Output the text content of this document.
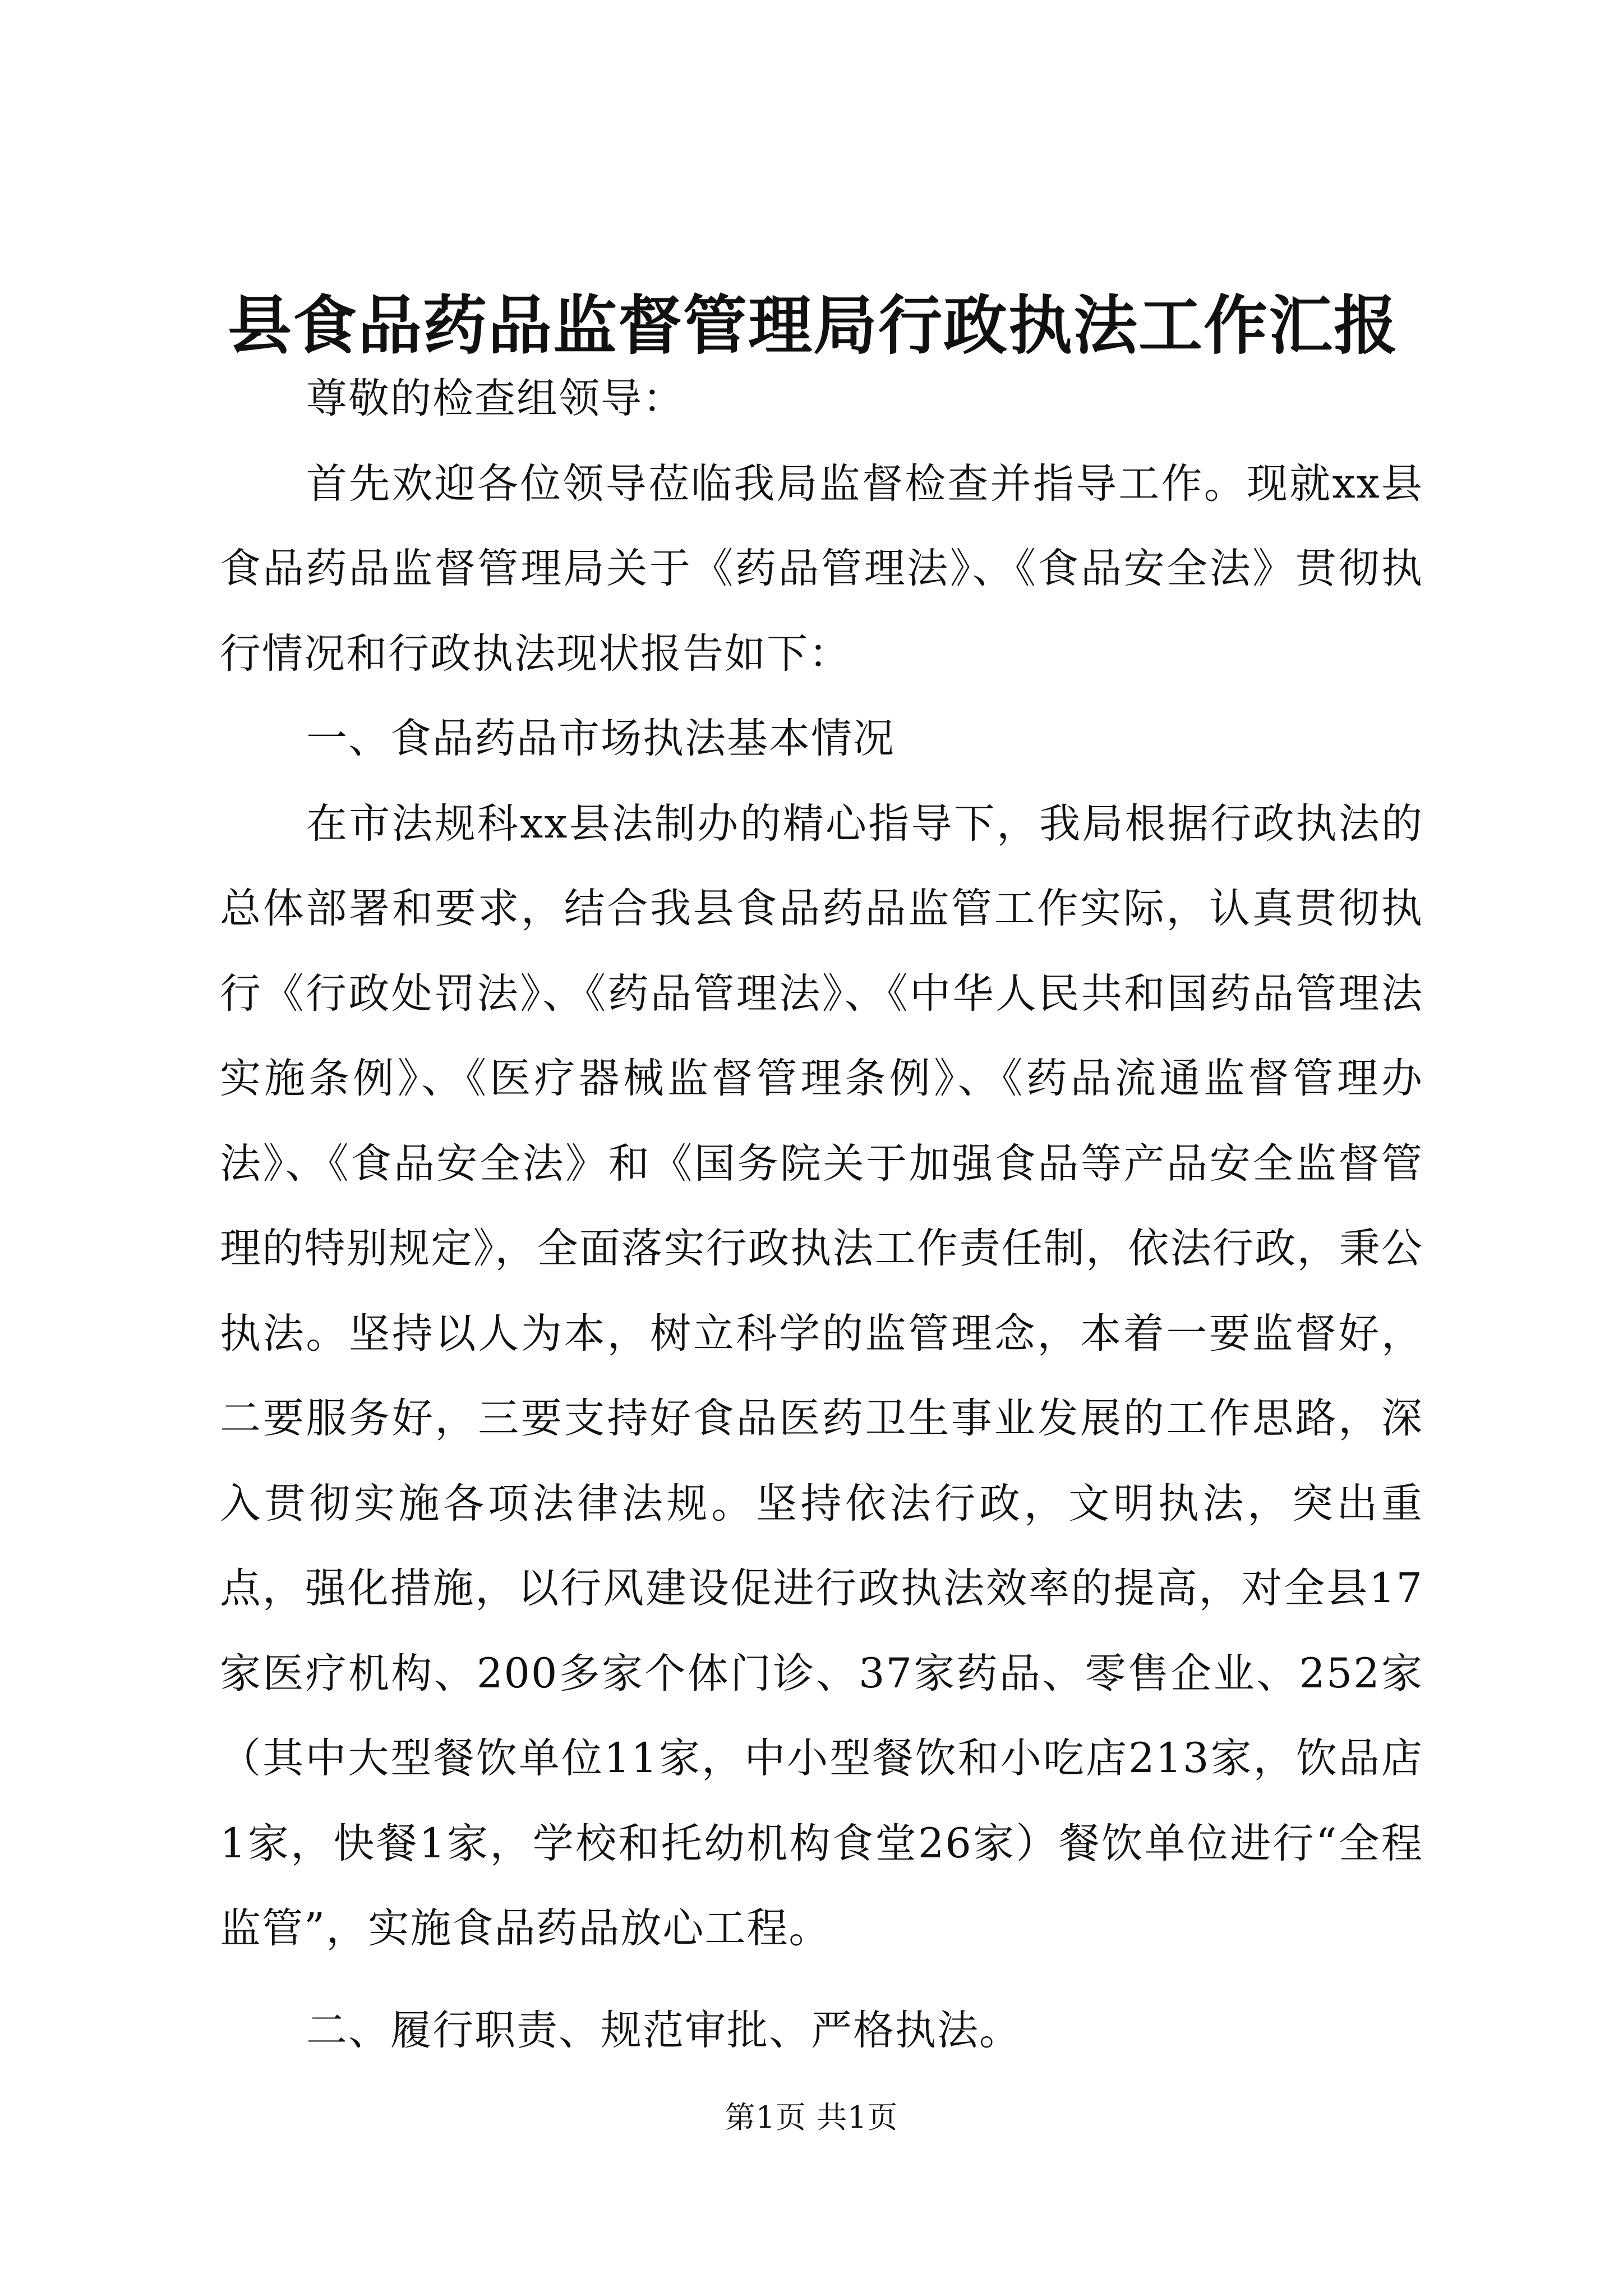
县食品药品监督管理局行政执法工作汇报

尊敬的检查组领导：

首先欢迎各位领导莅临我局监督检查并指导工作。现就xx县食品药品监督管理局关于《药品管理法》、《食品安全法》贯彻执行情况和行政执法现状报告如下：

一、食品药品市场执法基本情况

在市法规科xx县法制办的精心指导下，我局根据行政执法的总体部署和要求，结合我县食品药品监管工作实际，认真贯彻执行《行政处罚法》、《药品管理法》、《中华人民共和国药品管理法实施条例》、《医疗器械监督管理条例》、《药品流通监督管理办法》、《食品安全法》和《国务院关于加强食品等产品安全监督管理的特别规定》，全面落实行政执法工作责任制，依法行政，秉公执法。坚持以人为本，树立科学的监管理念，本着一要监督好，二要服务好，三要支持好食品医药卫生事业发展的工作思路，深入贯彻实施各项法律法规。坚持依法行政，文明执法，突出重点，强化措施，以行风建设促进行政执法效率的提高，对全县17家医疗机构、200多家个体门诊、37家药品、零售企业、252家（其中大型餐饮单位11家，中小型餐饮和小吃店213家，饮品店1家，快餐1家，学校和托幼机构食堂26家）餐饮单位进行“全程监管”，实施食品药品放心工程。

二、履行职责、规范审批、严格执法。

第1页 共1页
